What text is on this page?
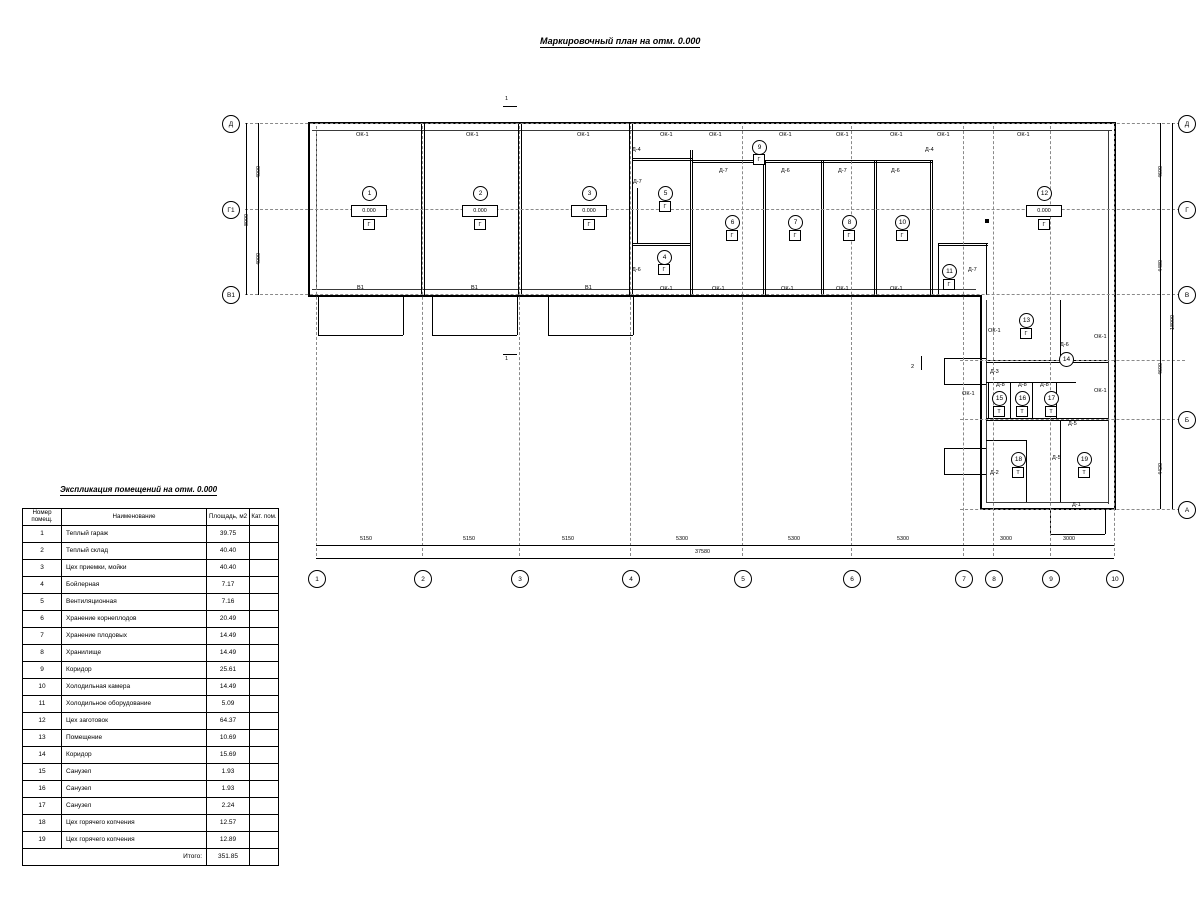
Маркировочный план на отм. 0.000
Экспликация помещений на отм. 0.000
Номер помещ.	Наименование	Площадь, м2	Кат. пом.
1	Теплый гараж	39.75	
2	Теплый склад	40.40	
3	Цех приемки, мойки	40.40	
4	Бойлерная	7.17	
5	Вентиляционная	7.16	
6	Хранение корнеплодов	20.49	
7	Хранение плодовых	14.49	
8	Хранилище	14.49	
9	Коридор	25.61	
10	Холодильная камера	14.49	
11	Холодильное оборудование	5.09	
12	Цех заготовок	64.37	
13	Помещение	10.69	
14	Коридор	15.69	
15	Санузел	1.93	
16	Санузел	1.93	
17	Санузел	2.24	
18	Цех горячего копчения	12.57	
19	Цех горячего копчения	12.89	
Итого:		351.85	
Д
Г1
В1
Д
Г
В
Б
А
1	2	3	4	5	6	7	8	9	10
5150	5150	5150	5300	5300	5300	3000	3000
37580
4000
4000
8000
4600
4480
4600
4420
18000
1
1
2
ОК-1	ОК-1	ОК-1	ОК-1	ОК-1	ОК-1	ОК-1	ОК-1	ОК-1	ОК-1
ОК-1	ОК-1	ОК-1	ОК-1	ОК-1
ОК-1
ОК-1
ОК-1
ОК-1
В1	В1	В1
Д-4
Д-7
Д-7	Д-6	Д-7	Д-6
Д-4
Д-6	Д-7
Д-3
Д-8 Д-8 Д-8
Д-5
Д-2
Д-5
Д-1
Д-6
1
0.000
Г
2
0.000
Г
3
0.000
Г
4
Г
5
Г
6
Г
7
Г
8
Г
9
Г
10
Г
11
Г
12
0.000
Г
13
Г
14
15
Т
16
Т
17
Т
18
Т
19
Т
